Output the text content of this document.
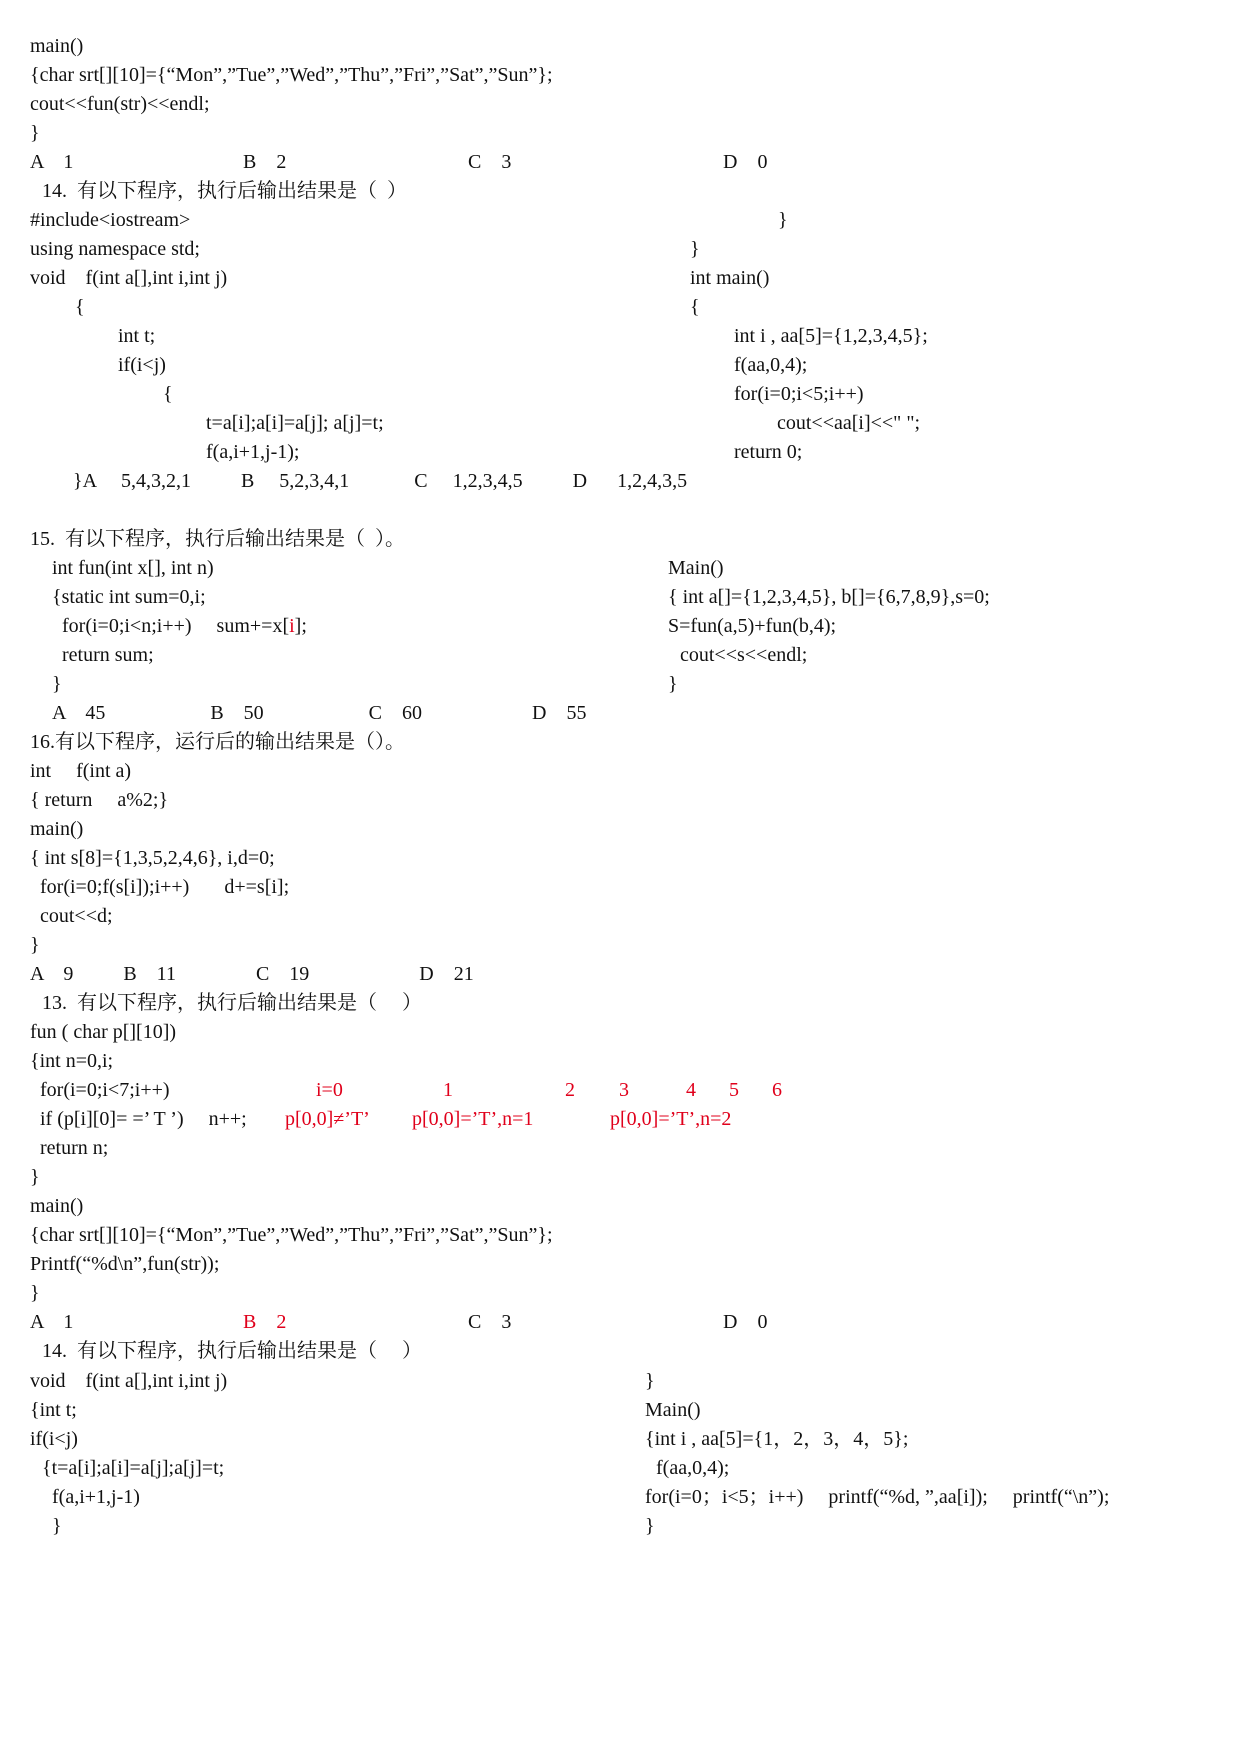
main()
{char srt[][10]={“Mon”,”Tue”,”Wed”,”Thu”,”Fri”,”Sat”,”Sun”};
cout<<fun(str)<<endl;
}
A    1	B    2	C    3	D    0
14.  有以下程序，执行后输出结果是（  ）
#include<iostream>
using namespace std;
void    f(int a[],int i,int j)
{
int t;
if(i<j)
{
t=a[i];a[i]=a[j]; a[j]=t;
f(a,i+1,j-1);
}A     5,4,3,2,1          B     5,2,3,4,1             C     1,2,3,4,5          D      1,2,4,3,5
}
}
int main()
{
int i , aa[5]={1,2,3,4,5};
f(aa,0,4);
for(i=0;i<5;i++)
cout<<aa[i]<<" ";
return 0;
15.  有以下程序，执行后输出结果是（  ）。
int fun(int x[], int n)
{static int sum=0,i;
for(i=0;i<n;i++)     sum+=x[i];
return sum;
}
A    45                     B    50                     C    60                      D    55
Main()
{ int a[]={1,2,3,4,5}, b[]={6,7,8,9},s=0;
S=fun(a,5)+fun(b,4);
cout<<s<<endl;
}
16.有以下程序，运行后的输出结果是（）。
int     f(int a)
{ return     a%2;}
main()
{ int s[8]={1,3,5,2,4,6}, i,d=0;
for(i=0;f(s[i]);i++)       d+=s[i];
cout<<d;
}
A    9          B    11                C    19                      D    21
13.  有以下程序，执行后输出结果是（     ）
fun ( char p[][10])
{int n=0,i;
for(i=0;i<7;i++)	i=0	1	2 3	4 5 6
if (p[i][0]= =’ T ’)     n++; p[0,0]≠’T’ p[0,0]=’T’,n=1	p[0,0]=’T’,n=2
return n;
}
main()
{char srt[][10]={“Mon”,”Tue”,”Wed”,”Thu”,”Fri”,”Sat”,”Sun”};
Printf(“%d\n”,fun(str));
}
A    1	B    2	C    3	D    0
14.  有以下程序，执行后输出结果是（     ）
void    f(int a[],int i,int j)
{int t;
if(i<j)
{t=a[i];a[i]=a[j];a[j]=t;
f(a,i+1,j-1)
}
}
Main()
{int i , aa[5]={1，2，3，4，5};
f(aa,0,4);
for(i=0；i<5；i++)     printf(“%d, ”,aa[i]);     printf(“\n”);
}
